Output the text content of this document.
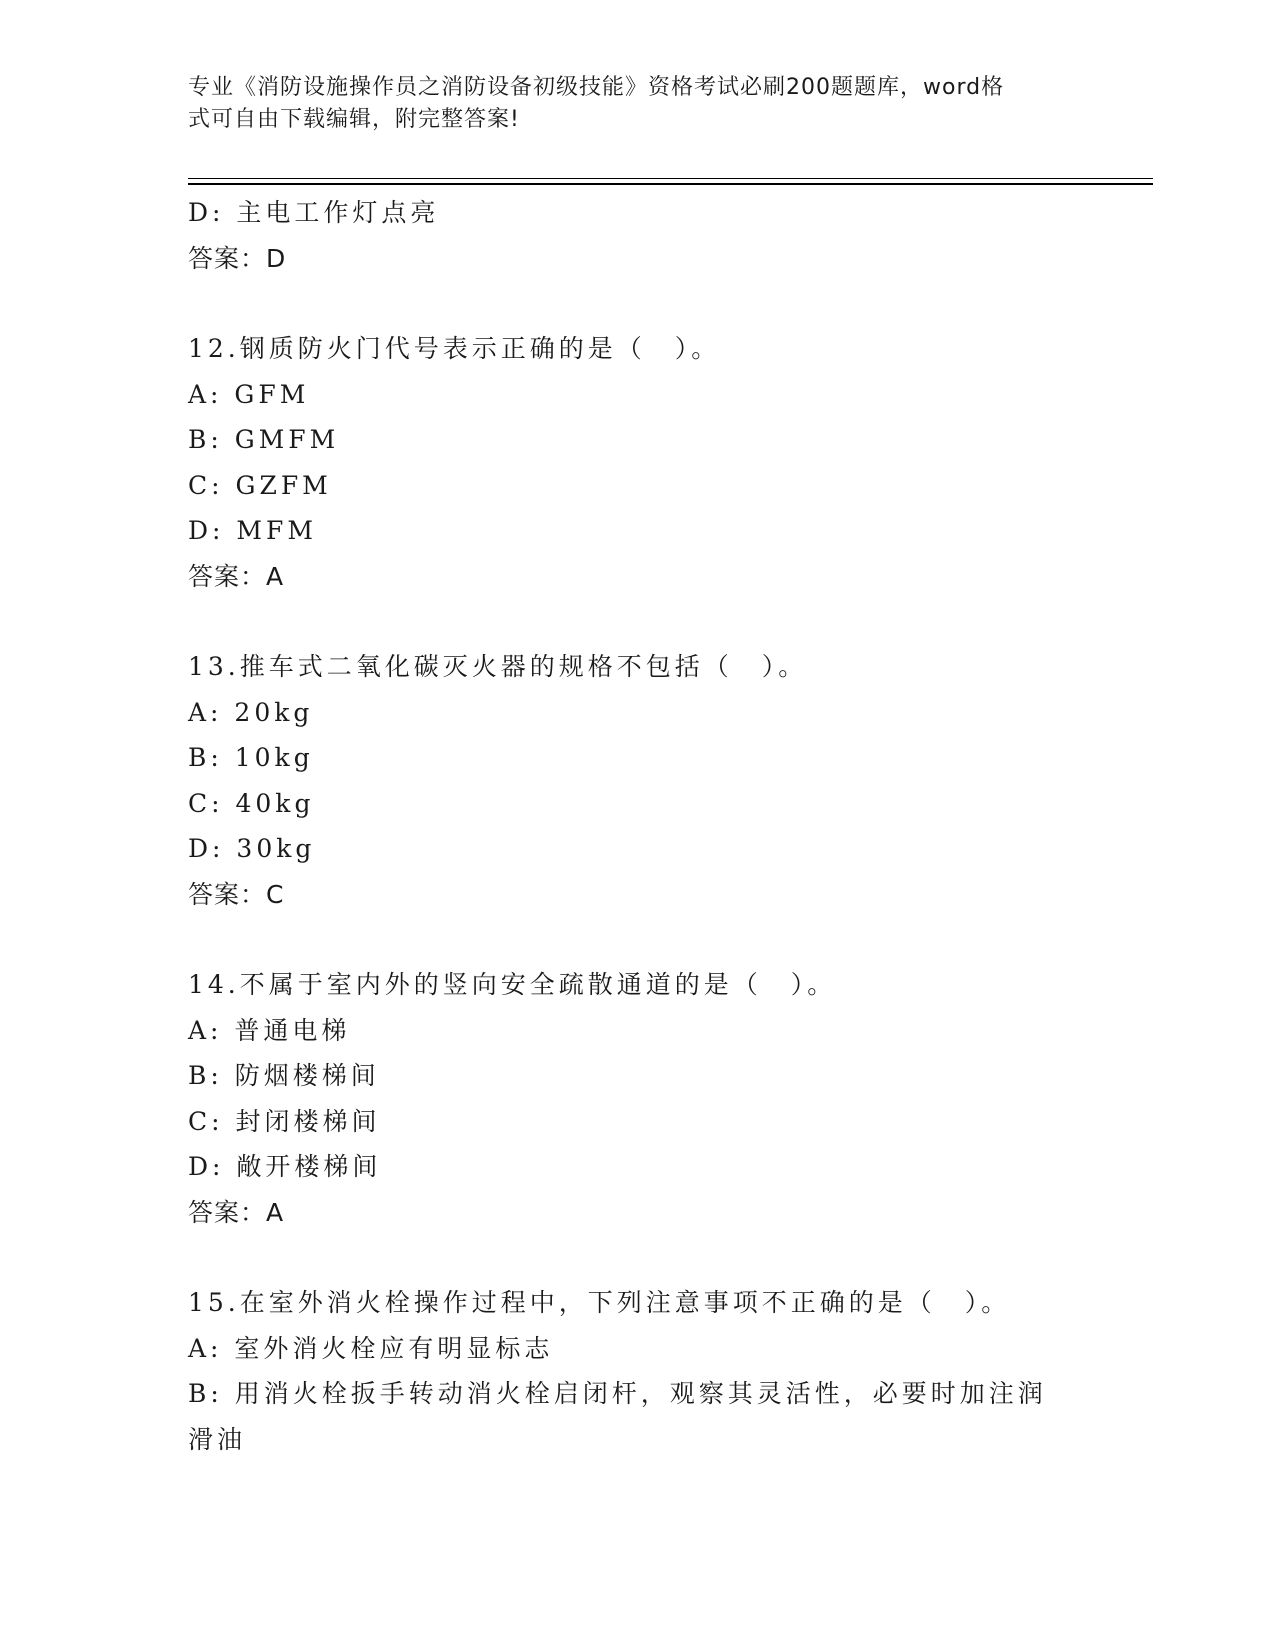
专业《消防设施操作员之消防设备初级技能》资格考试必刷200题题库，word格
式可自由下载编辑，附完整答案!
D: 主电工作灯点亮
答案：D
12.钢质防火门代号表示正确的是（　）。
A: GFM
B: GMFM
C: GZFM
D: MFM
答案：A
13.推车式二氧化碳灭火器的规格不包括（　）。
A: 20kg
B: 10kg
C: 40kg
D: 30kg
答案：C
14.不属于室内外的竖向安全疏散通道的是（　）。
A: 普通电梯
B: 防烟楼梯间
C: 封闭楼梯间
D: 敞开楼梯间
答案：A
15.在室外消火栓操作过程中，下列注意事项不正确的是（　）。
A: 室外消火栓应有明显标志
B: 用消火栓扳手转动消火栓启闭杆，观察其灵活性，必要时加注润滑油
